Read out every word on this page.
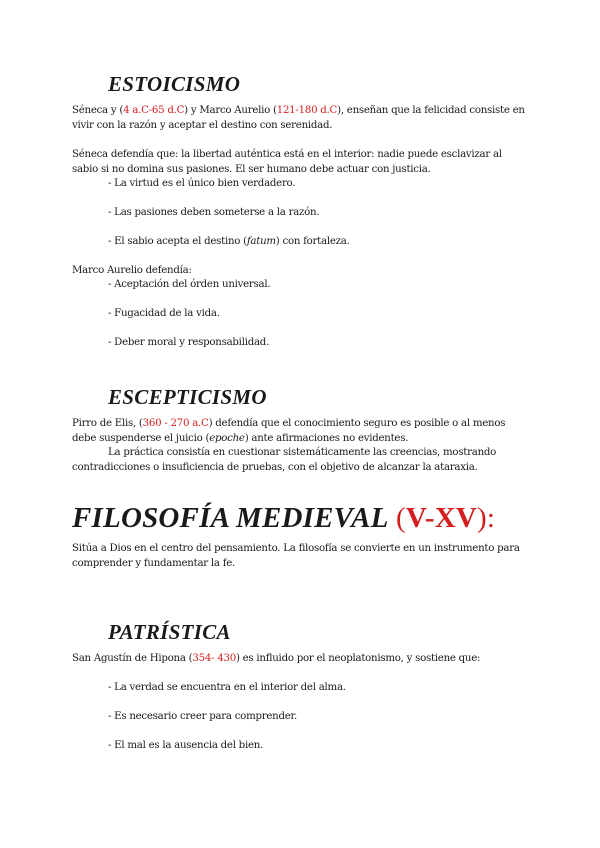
ESTOICISMO

Séneca y (4 a.C-65 d.C) y Marco Aurelio (121-180 d.C), enseñan que la felicidad consiste en vivir con la razón y aceptar el destino con serenidad.

Séneca defendía que: la libertad auténtica está en el interior: nadie puede esclavizar al sabio si no domina sus pasiones. El ser humano debe actuar con justicia.

- La virtud es el único bien verdadero.

- Las pasiones deben someterse a la razón.

- El sabio acepta el destino (fatum) con fortaleza.

Marco Aurelio defendía:

- Aceptación del órden universal.

- Fugacidad de la vida.

- Deber moral y responsabilidad.

ESCEPTICISMO

Pirro de Elis, (360 - 270 a.C) defendía que el conocimiento seguro es posible o al menos debe suspenderse el juicio (epoche) ante afirmaciones no evidentes.

La práctica consistía en cuestionar sistemáticamente las creencias, mostrando contradicciones o insuficiencia de pruebas, con el objetivo de alcanzar la ataraxia.

FILOSOFÍA MEDIEVAL (V-XV):

Sitúa a Dios en el centro del pensamiento. La filosofía se convierte en un instrumento para comprender y fundamentar la fe.

PATRÍSTICA

San Agustín de Hipona (354- 430) es influido por el neoplatonismo, y sostiene que:

- La verdad se encuentra en el interior del alma.

- Es necesario creer para comprender.

- El mal es la ausencia del bien.
